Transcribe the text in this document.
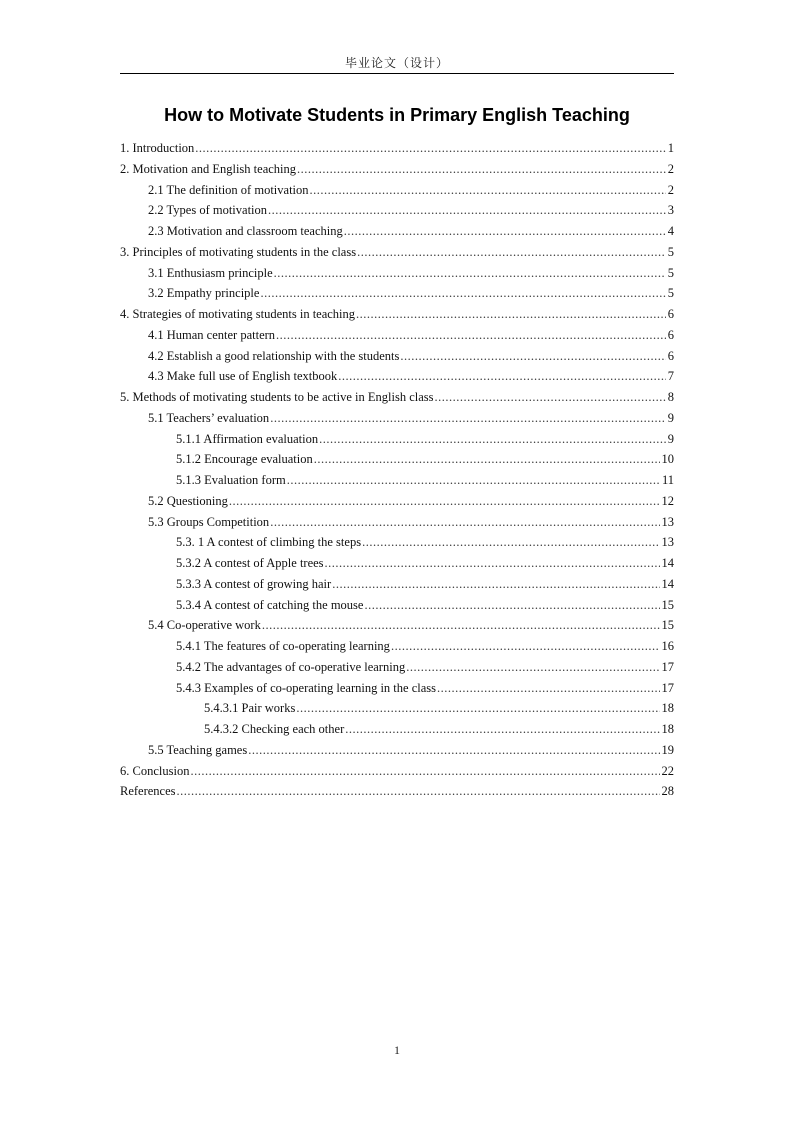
毕业论文（设计）
How to Motivate Students in Primary English Teaching
1. Introduction .....	1
2. Motivation and English teaching .....	2
2.1 The definition of motivation .....	2
2.2 Types of motivation .....	3
2.3 Motivation and classroom teaching .....	4
3. Principles of motivating students in the class .....	5
3.1 Enthusiasm principle .....	5
3.2 Empathy principle .....	5
4. Strategies of motivating students in teaching .....	6
4.1 Human center pattern .....	6
4.2 Establish a good relationship with the students .....	6
4.3 Make full use of English textbook .....	7
5. Methods of motivating students to be active in English class .....	8
5.1 Teachers’ evaluation .....	9
5.1.1 Affirmation evaluation .....	9
5.1.2 Encourage evaluation .....	10
5.1.3 Evaluation form .....	11
5.2 Questioning .....	12
5.3 Groups Competition .....	13
5.3. 1 A contest of climbing the steps .....	13
5.3.2 A contest of Apple trees .....	14
5.3.3 A contest of growing hair .....	14
5.3.4 A contest of catching the mouse .....	15
5.4 Co-operative work .....	15
5.4.1 The features of co-operating learning .....	16
5.4.2 The advantages of co-operative learning .....	17
5.4.3 Examples of co-operating learning in the class .....	17
5.4.3.1 Pair works .....	18
5.4.3.2 Checking each other .....	18
5.5 Teaching games .....	19
6. Conclusion .....	22
References .....	28
1
